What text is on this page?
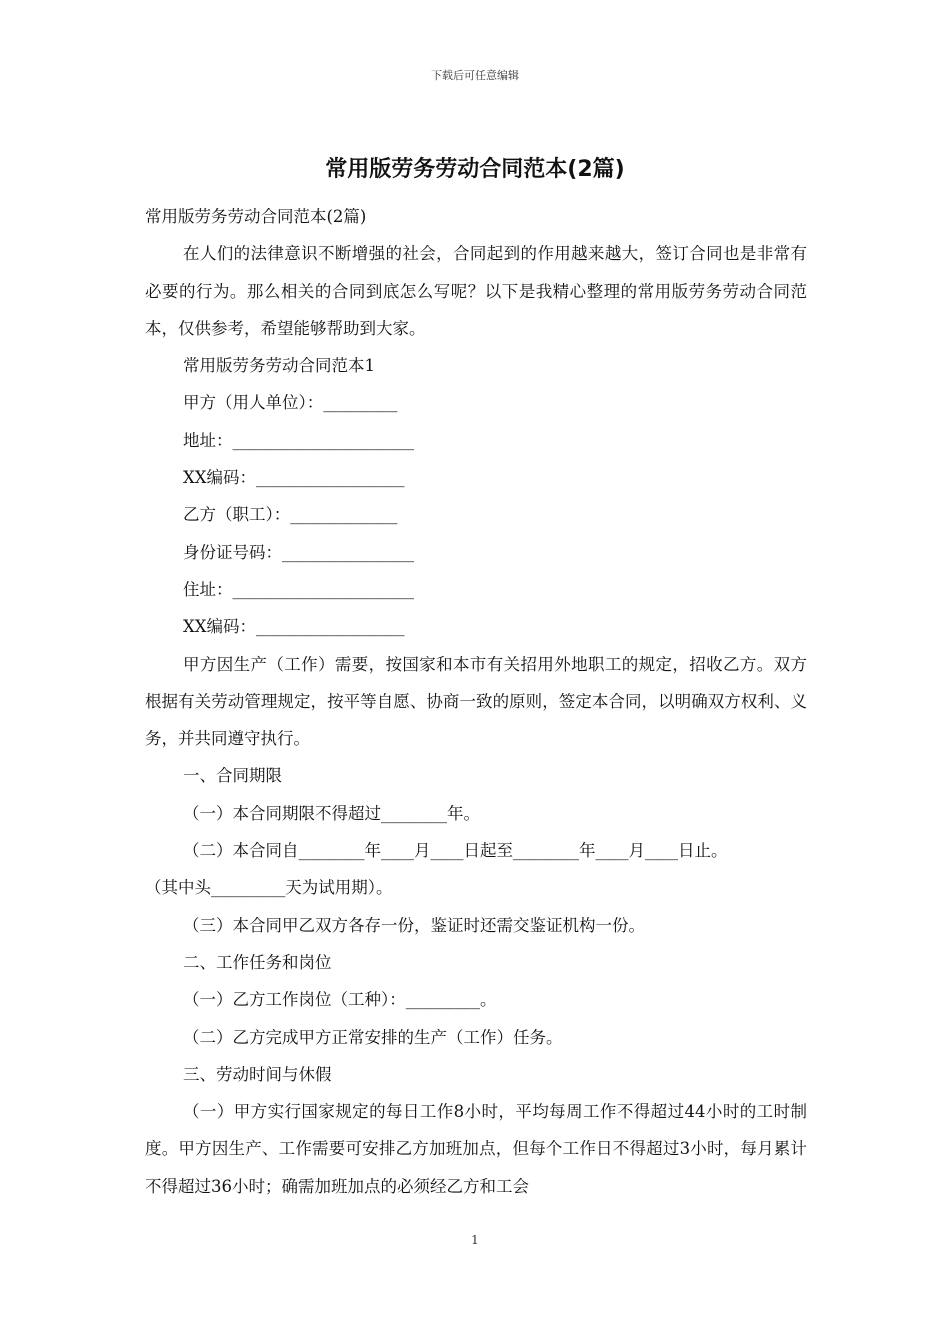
下载后可任意编辑
常用版劳务劳动合同范本(2篇)

常用版劳务劳动合同范本(2篇)

在人们的法律意识不断增强的社会，合同起到的作用越来越大，签订合同也是非常有必要的行为。那么相关的合同到底怎么写呢？以下是我精心整理的常用版劳务劳动合同范本，仅供参考，希望能够帮助到大家。

常用版劳务劳动合同范本1

甲方（用人单位）：_________

地址：______________________

XX编码：__________________

乙方（职工）：_____________

身份证号码：________________

住址：______________________

XX编码：__________________

甲方因生产（工作）需要，按国家和本市有关招用外地职工的规定，招收乙方。双方根据有关劳动管理规定，按平等自愿、协商一致的原则，签定本合同，以明确双方权利、义务，并共同遵守执行。

一、合同期限

（一）本合同期限不得超过________年。

（二）本合同自________年____月____日起至________年____月____日止。

（其中头_________天为试用期）。

（三）本合同甲乙双方各存一份，鉴证时还需交鉴证机构一份。

二、工作任务和岗位

（一）乙方工作岗位（工种）：_________。

（二）乙方完成甲方正常安排的生产（工作）任务。

三、劳动时间与休假

（一）甲方实行国家规定的每日工作8小时，平均每周工作不得超过44小时的工时制度。甲方因生产、工作需要可安排乙方加班加点，但每个工作日不得超过3小时，每月累计不得超过36小时；确需加班加点的必须经乙方和工会

1
